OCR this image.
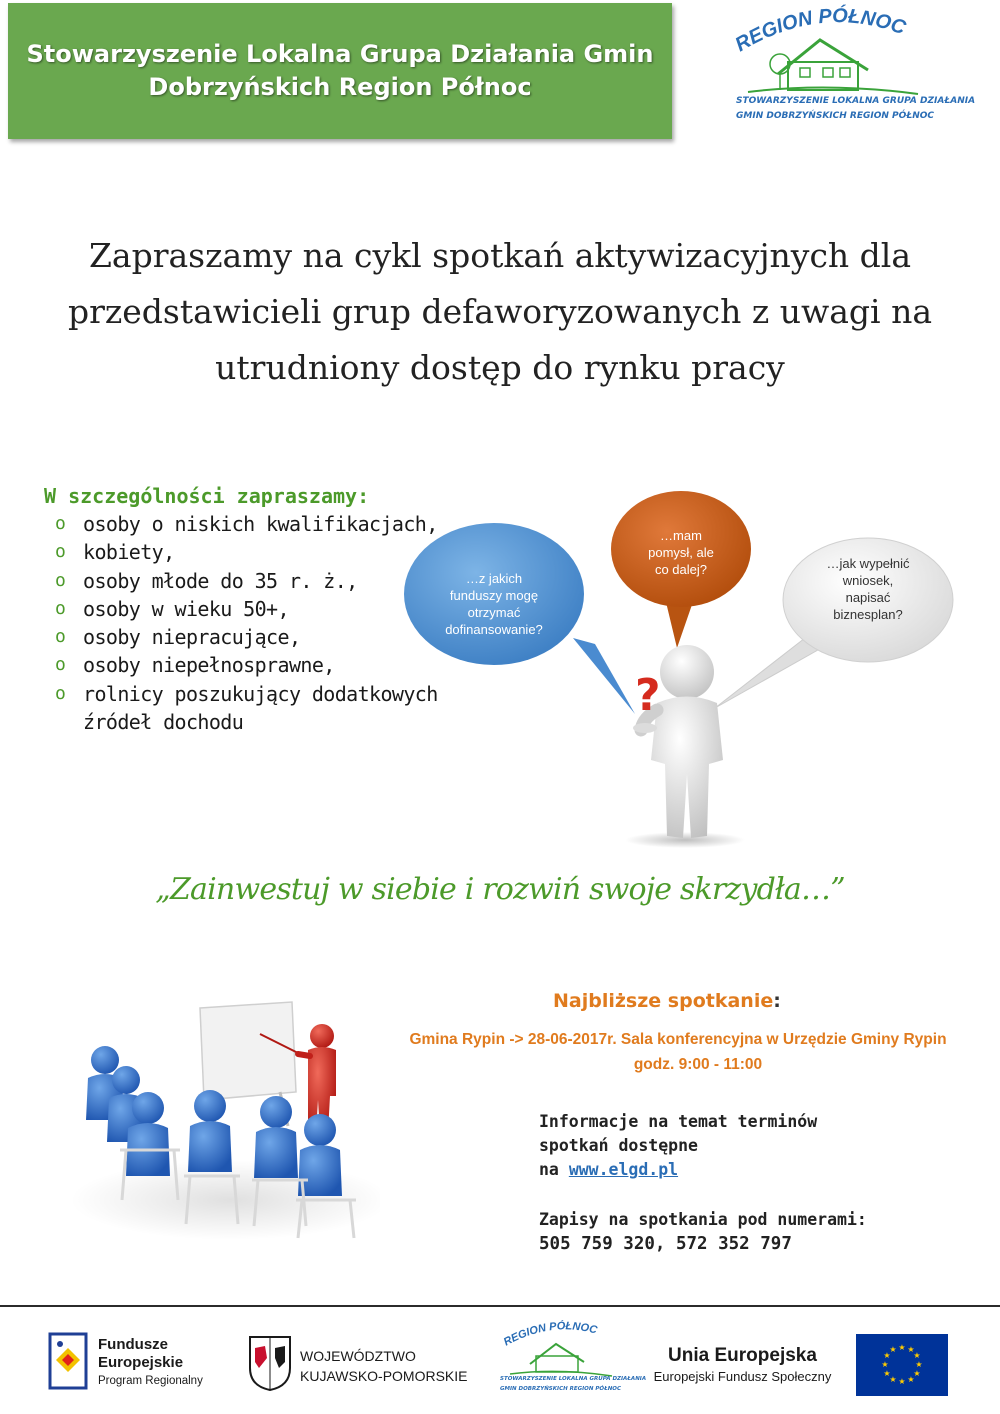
Stowarzyszenie Lokalna Grupa Działania Gmin
Dobrzyńskich Region Północ
REGION PÓŁNOC
STOWARZYSZENIE LOKALNA GRUPA DZIAŁANIA
GMIN DOBRZYŃSKICH REGION PÓŁNOC
Zapraszamy na cykl spotkań aktywizacyjnych dla
przedstawicieli grup defaworyzowanych z uwagi na
utrudniony dostęp do rynku pracy
W szczególności zapraszamy:
o osoby o niskich kwalifikacjach,
o kobiety,
o osoby młode do 35 r. ż.,
o osoby w wieku 50+,
o osoby niepracujące,
o osoby niepełnosprawne,
o rolnicy poszukujący dodatkowych źródeł dochodu
?
…z jakich
funduszy mogę
otrzymać
dofinansowanie?
…mam
pomysł, ale
co dalej?	…jak wypełnić
wniosek,
napisać
biznesplan?
„Zainwestuj w siebie i rozwiń swoje skrzydła…”
Najbliższe spotkanie:
Gmina Rypin -> 28-06-2017r. Sala konferencyjna w Urzędzie Gminy Rypin
godz. 9:00 - 11:00
Informacje na temat terminów
spotkań dostępne
na www.elgd.pl
Zapisy na spotkania pod numerami:
505 759 320, 572 352 797
Fundusze
Europejskie
Program Regionalny
WOJEWÓDZTWO
KUJAWSKO-POMORSKIE
REGION PÓŁNOC
STOWARZYSZENIE LOKALNA GRUPA DZIAŁANIA
GMIN DOBRZYŃSKICH REGION PÓŁNOC
Unia Europejska
Europejski Fundusz Społeczny
★ ★
★
★
★
★
★
★
★
★
★
★
